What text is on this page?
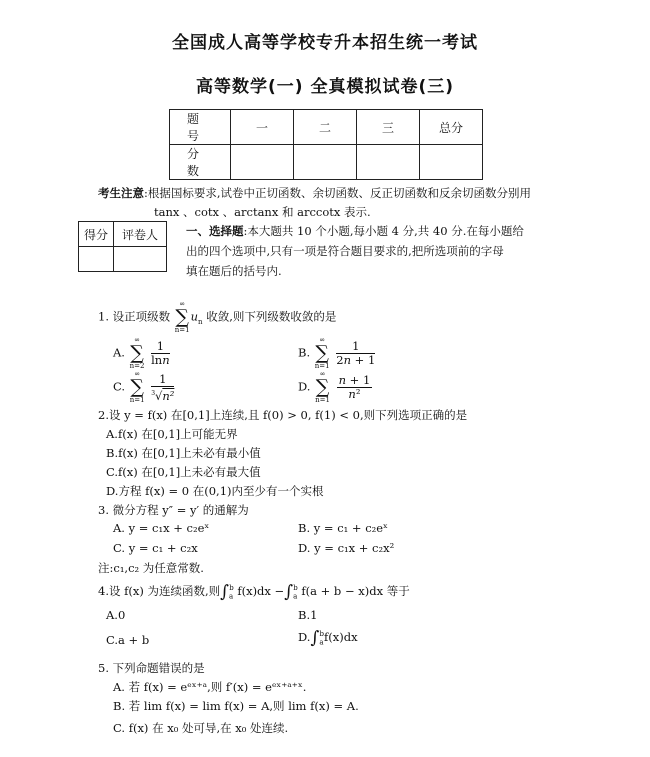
全国成人高等学校专升本招生统一考试
高等数学(一) 全真模拟试卷(三)
题　号	一	二	三	总分
分　数				
考生注意:根据国标要求,试卷中正切函数、余切函数、反正切函数和反余切函数分别用
tanx 、cotx 、arctanx 和 arccotx 表示.
得分	评卷人
	一、选择题:本大题共 10 个小题,每小题 4 分,共 40 分.在每小题给
出的四个选项中,只有一项是符合题目要求的,把所选项前的字母
填在题后的括号内.
1. 设正项级数
∞
∑
n=1
$u_n$ 收敛,则下列级数收敛的是
A.
∞
∑
n=2
$\frac{1}{\ln n}$	B.
∞
∑
n=1
$\frac{1}{2n + 1}$
C.
∞
∑
n=1
$\frac{1}{^3√n^2}$	D.
∞
∑
n=1
$\frac{n + 1}{\text{n²}}$
2.设 y = f(x) 在[0,1]上连续,且 f(0) > 0, f(1) < 0,则下列选项正确的是
A.f(x) 在[0,1]上可能无界
B.f(x) 在[0,1]上未必有最小值
C.f(x) 在[0,1]上未必有最大值
D.方程 f(x) = 0 在(0,1)内至少有一个实根
3. 微分方程 y″ = y′ 的通解为
A. y = c₁x + c₂eˣ	B. y = c₁ + c₂eˣ
C. y = c₁ + c₂x	D. y = c₁x + c₂x²
注:c₁,c₂ 为任意常数.
4.设 f(x) 为连续函数,则$\int_a^b$ $f(x)dx -\int_a^b$ f(a + b − x)dx 等于
A.0	B.1
C.a + b	$D.\int_a^bf(x)dx$
5. 下列命题错误的是
A. 若 f(x) = eᵉˣ⁺ᵃ,则 f′(x) = eᵉˣ⁺ᵃ⁺ˣ.
B. 若 lim f(x) = lim f(x) = A,则 lim f(x) = A.
C. f(x) 在 x₀ 处可导,在 x₀ 处连续.
